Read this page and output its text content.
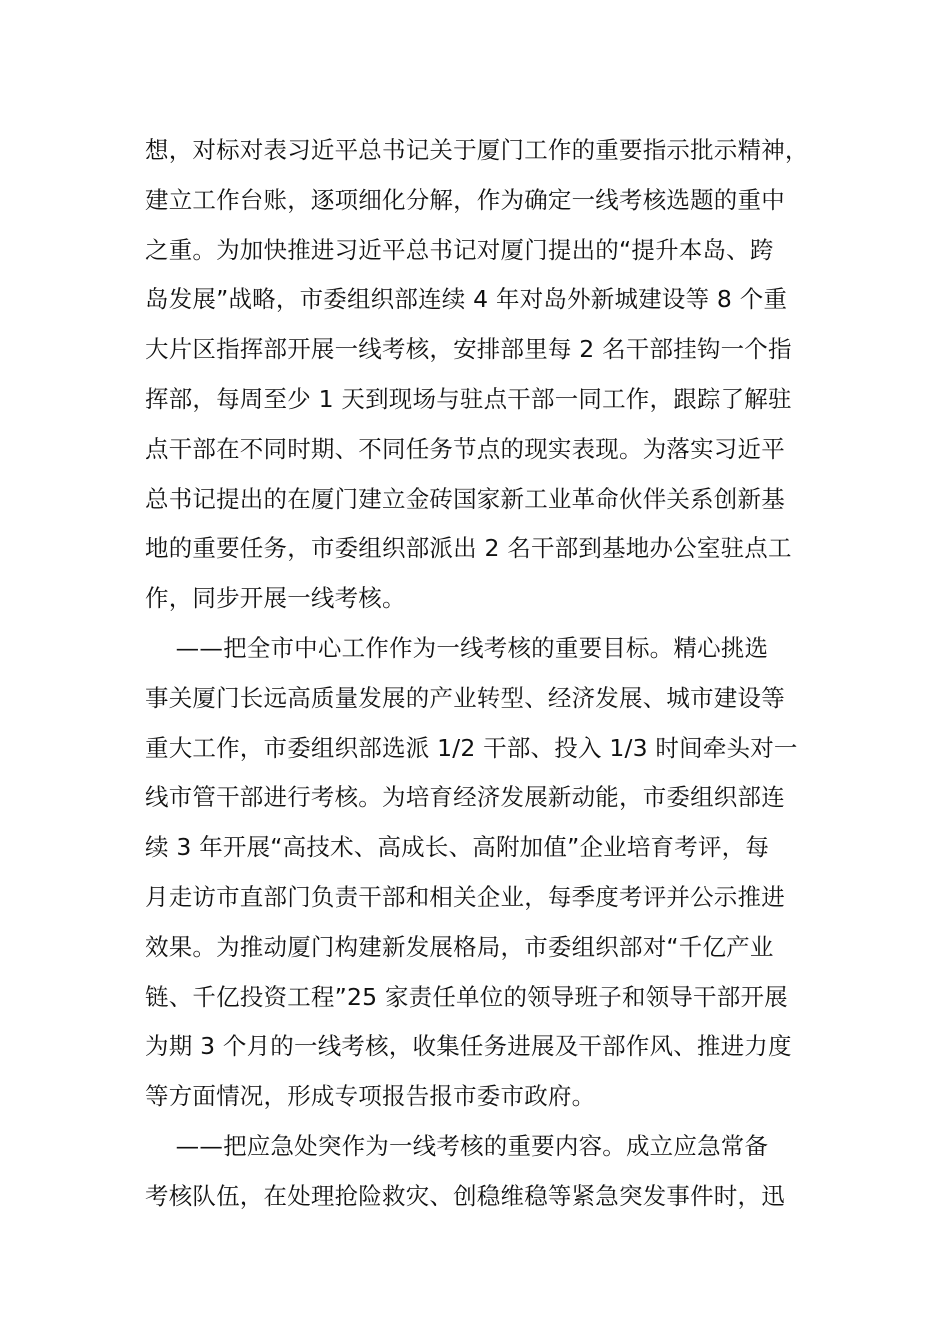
想，对标对表习近平总书记关于厦门工作的重要指示批示精神，
建立工作台账，逐项细化分解，作为确定一线考核选题的重中
之重。为加快推进习近平总书记对厦门提出的“提升本岛、跨
岛发展”战略，市委组织部连续 4 年对岛外新城建设等 8 个重
大片区指挥部开展一线考核，安排部里每 2 名干部挂钩一个指
挥部，每周至少 1 天到现场与驻点干部一同工作，跟踪了解驻
点干部在不同时期、不同任务节点的现实表现。为落实习近平
总书记提出的在厦门建立金砖国家新工业革命伙伴关系创新基
地的重要任务，市委组织部派出 2 名干部到基地办公室驻点工
作，同步开展一线考核。
——把全市中心工作作为一线考核的重要目标。精心挑选
事关厦门长远高质量发展的产业转型、经济发展、城市建设等
重大工作，市委组织部选派 1/2 干部、投入 1/3 时间牵头对一
线市管干部进行考核。为培育经济发展新动能，市委组织部连
续 3 年开展“高技术、高成长、高附加值”企业培育考评，每
月走访市直部门负责干部和相关企业，每季度考评并公示推进
效果。为推动厦门构建新发展格局，市委组织部对“千亿产业
链、千亿投资工程”25 家责任单位的领导班子和领导干部开展
为期 3 个月的一线考核，收集任务进展及干部作风、推进力度
等方面情况，形成专项报告报市委市政府。
——把应急处突作为一线考核的重要内容。成立应急常备
考核队伍，在处理抢险救灾、创稳维稳等紧急突发事件时，迅
